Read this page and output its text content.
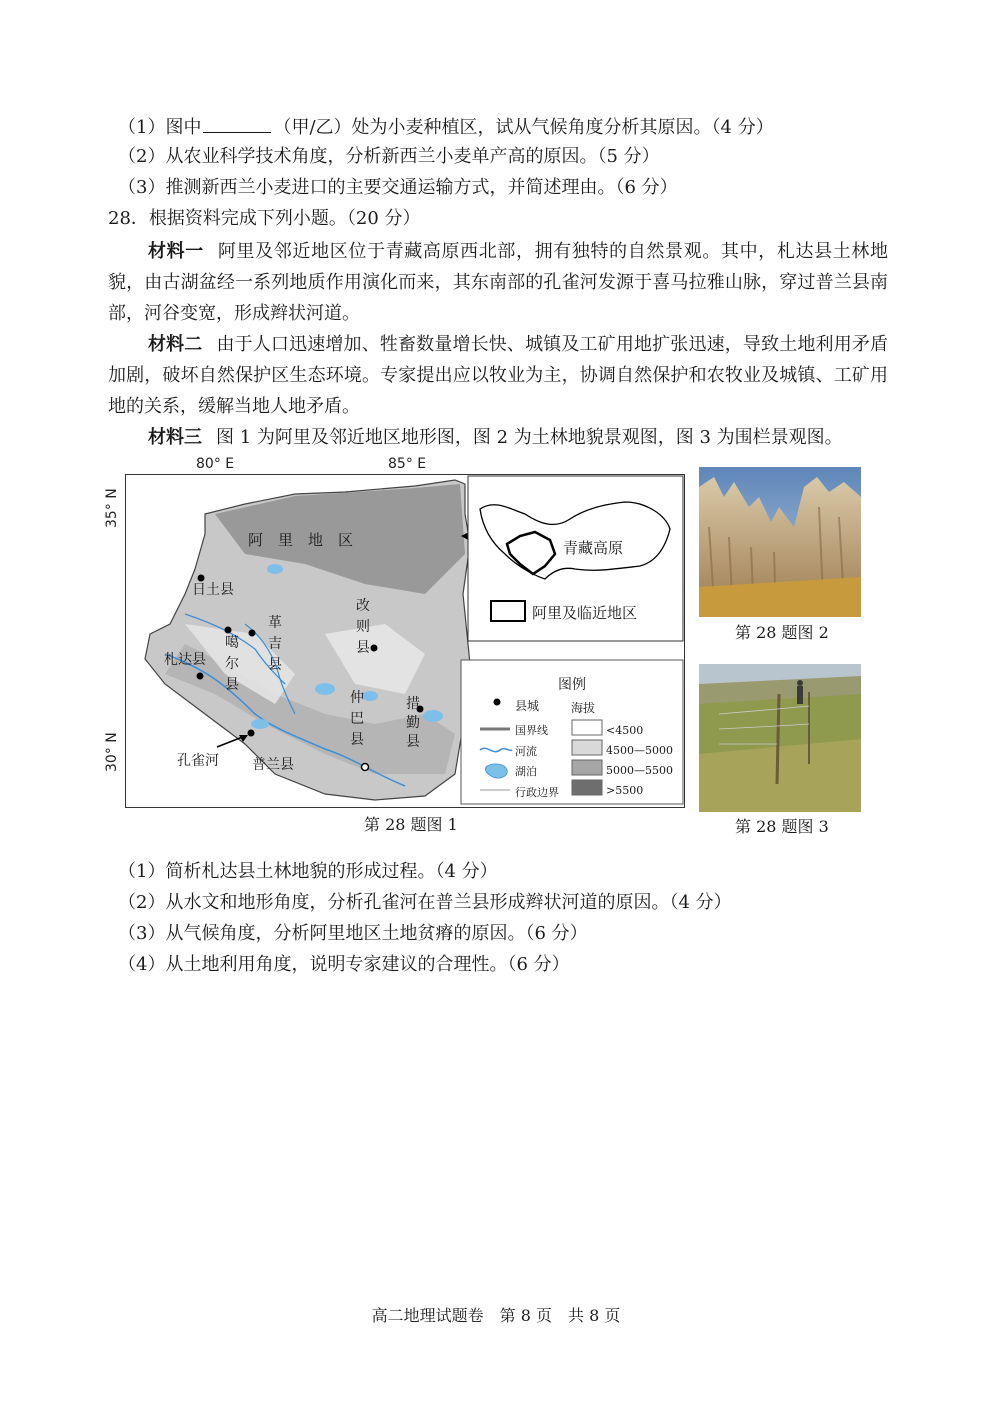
（1）图中	（甲/乙）处为小麦种植区，试从气候角度分析其原因。（4 分）
（2）从农业科学技术角度，分析新西兰小麦单产高的原因。（5 分）
（3）推测新西兰小麦进口的主要交通运输方式，并简述理由。（6 分）
28．根据资料完成下列小题。（20 分）
材料一 阿里及邻近地区位于青藏高原西北部，拥有独特的自然景观。其中，札达县土林地貌，由古湖盆经一系列地质作用演化而来，其东南部的孔雀河发源于喜马拉雅山脉，穿过普兰县南部，河谷变宽，形成辫状河道。
材料二 由于人口迅速增加、牲畜数量增长快、城镇及工矿用地扩张迅速，导致土地利用矛盾加剧，破坏自然保护区生态环境。专家提出应以牧业为主，协调自然保护和农牧业及城镇、工矿用地的关系，缓解当地人地矛盾。
材料三 图 1 为阿里及邻近地区地形图，图 2 为土林地貌景观图，图 3 为围栏景观图。
80° E	85° E
35° N
30° N
阿　里　地　区
日土县
札达县
噶尔县
革吉县
改则县
仲巴县
措勤县
普兰县
孔雀河
青藏高原
阿里及临近地区
图例
县城	海拔
国界线
河流
湖泊
行政边界
<4500
4500—5000
5000—5500
>5500
第 28 题图 1
第 28 题图 2
第 28 题图 3
（1）简析札达县土林地貌的形成过程。（4 分）
（2）从水文和地形角度，分析孔雀河在普兰县形成辫状河道的原因。（4 分）
（3）从气候角度，分析阿里地区土地贫瘠的原因。（6 分）
（4）从土地利用角度，说明专家建议的合理性。（6 分）
高二地理试题卷　第 8 页　共 8 页
